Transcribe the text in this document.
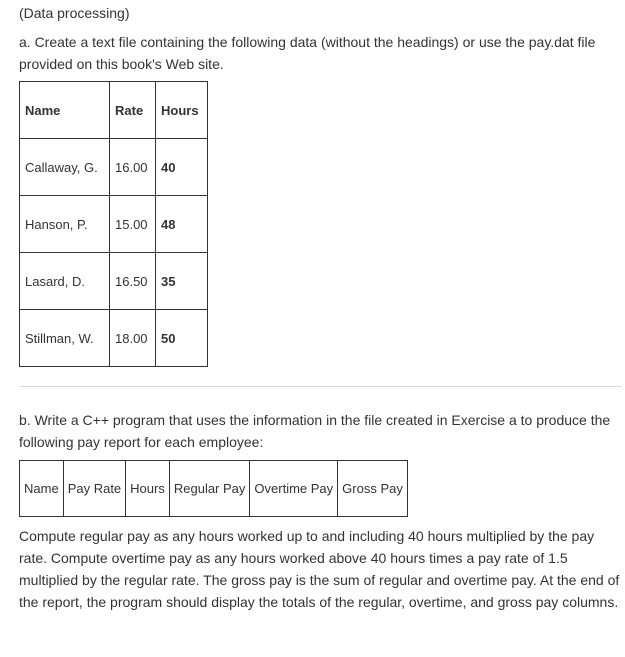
(Data processing)

a. Create a text file containing the following data (without the headings) or use the pay.dat file provided on this book's Web site.

Name	Rate	Hours
Callaway, G.	16.00	40
Hanson, P.	15.00	48
Lasard, D.	16.50	35
Stillman, W.	18.00	50

b. Write a C++ program that uses the information in the file created in Exercise a to produce the following pay report for each employee:

Name	Pay Rate	Hours	Regular Pay	Overtime Pay	Gross Pay

Compute regular pay as any hours worked up to and including 40 hours multiplied by the pay rate. Compute overtime pay as any hours worked above 40 hours times a pay rate of 1.5 multiplied by the regular rate. The gross pay is the sum of regular and overtime pay. At the end of the report, the program should display the totals of the regular, overtime, and gross pay columns.
